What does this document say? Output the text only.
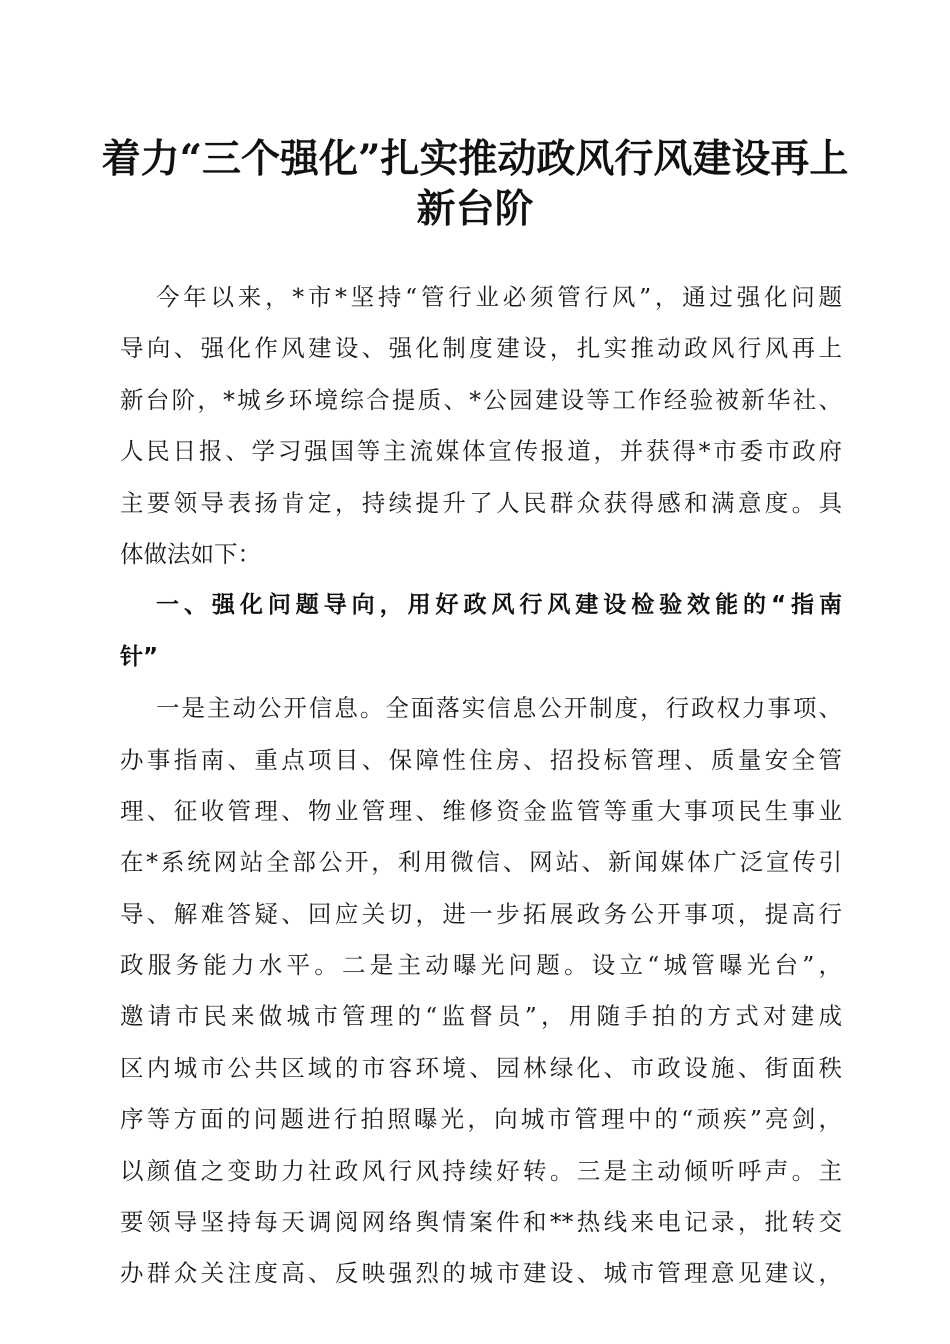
着力“三个强化”扎实推动政风行风建设再上
新台阶
今年以来，*市*坚持“管行业必须管行风”，通过强化问题
导向、强化作风建设、强化制度建设，扎实推动政风行风再上
新台阶，*城乡环境综合提质、*公园建设等工作经验被新华社、
人民日报、学习强国等主流媒体宣传报道，并获得*市委市政府
主要领导表扬肯定，持续提升了人民群众获得感和满意度。具
体做法如下：
一、强化问题导向，用好政风行风建设检验效能的“指南
针”
一是主动公开信息。全面落实信息公开制度，行政权力事项、
办事指南、重点项目、保障性住房、招投标管理、质量安全管
理、征收管理、物业管理、维修资金监管等重大事项民生事业
在*系统网站全部公开，利用微信、网站、新闻媒体广泛宣传引
导、解难答疑、回应关切，进一步拓展政务公开事项，提高行
政服务能力水平。二是主动曝光问题。设立“城管曝光台”，
邀请市民来做城市管理的“监督员”，用随手拍的方式对建成
区内城市公共区域的市容环境、园林绿化、市政设施、街面秩
序等方面的问题进行拍照曝光，向城市管理中的“顽疾”亮剑，
以颜值之变助力社政风行风持续好转。三是主动倾听呼声。主
要领导坚持每天调阅网络舆情案件和**热线来电记录，批转交
办群众关注度高、反映强烈的城市建设、城市管理意见建议，
